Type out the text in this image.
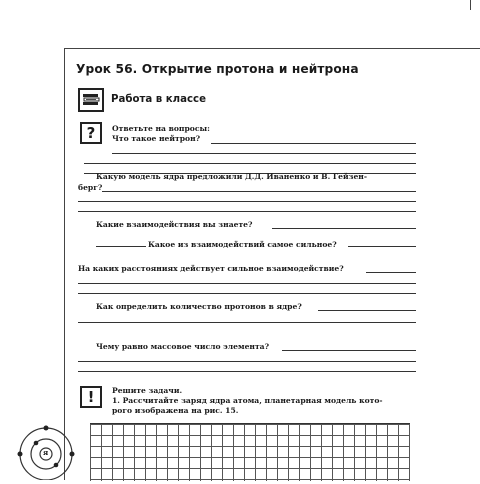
Урок 56. Открытие протона и нейтрона
Работа в классе
?	Ответьте на вопросы:
Что такое нейтрон?
Какую модель ядра предложили Д.Д. Иваненко и В. Гейзен-
берг?
Какие взаимодействия вы знаете?
Какое из взаимодействий самое сильное?
На каких расстояниях действует сильное взаимодействие?
Как определить количество протонов в ядре?
Чему равно массовое число элемента?
!	Решите задачи.
1. Рассчитайте заряд ядра атома, планетарная модель кото-
рого изображена на рис. 15.
я
